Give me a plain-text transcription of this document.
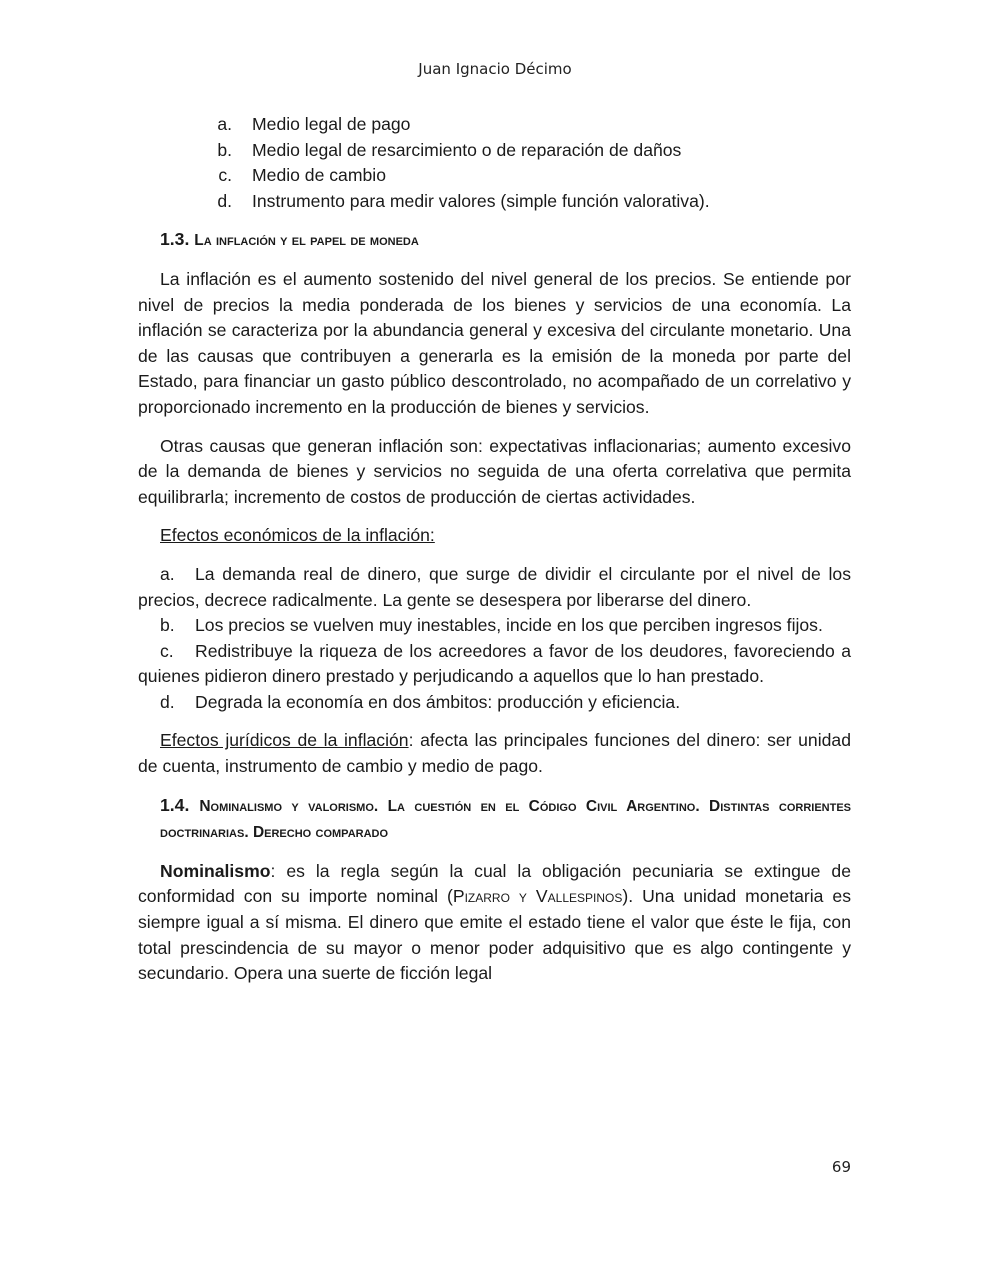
Juan Ignacio Décimo
a.	Medio legal de pago
b.	Medio legal de resarcimiento o de reparación de daños
c.	Medio de cambio
d.	Instrumento para medir valores (simple función valorativa).
1.3. La inflación y el papel de moneda

La inflación es el aumento sostenido del nivel general de los precios. Se entiende por nivel de precios la media ponderada de los bienes y servicios de una economía. La inflación se caracteriza por la abundancia general y excesiva del circulante monetario. Una de las causas que contribuyen a generarla es la emisión de la moneda por parte del Estado, para financiar un gasto público descontrolado, no acompañado de un correlativo y proporcionado incremento en la producción de bienes y servicios.

Otras causas que generan inflación son: expectativas inflacionarias; aumento excesivo de la demanda de bienes y servicios no seguida de una oferta correlativa que permita equilibrarla; incremento de costos de producción de ciertas actividades.

Efectos económicos de la inflación:

a. La demanda real de dinero, que surge de dividir el circulante por el nivel de los precios, decrece radicalmente. La gente se desespera por liberarse del dinero.

b. Los precios se vuelven muy inestables, incide en los que perciben ingresos fijos.

c. Redistribuye la riqueza de los acreedores a favor de los deudores, favoreciendo a quienes pidieron dinero prestado y perjudicando a aquellos que lo han prestado.

d. Degrada la economía en dos ámbitos: producción y eficiencia.

Efectos jurídicos de la inflación: afecta las principales funciones del dinero: ser unidad de cuenta, instrumento de cambio y medio de pago.

1.4. Nominalismo y valorismo. La cuestión en el Código Civil Argentino. Distintas corrientes doctrinarias. Derecho comparado

Nominalismo: es la regla según la cual la obligación pecuniaria se extingue de conformidad con su importe nominal (Pizarro y Vallespinos). Una unidad monetaria es siempre igual a sí misma. El dinero que emite el estado tiene el valor que éste le fija, con total prescindencia de su mayor o menor poder adquisitivo que es algo contingente y secundario. Opera una suerte de ficción legal

69
